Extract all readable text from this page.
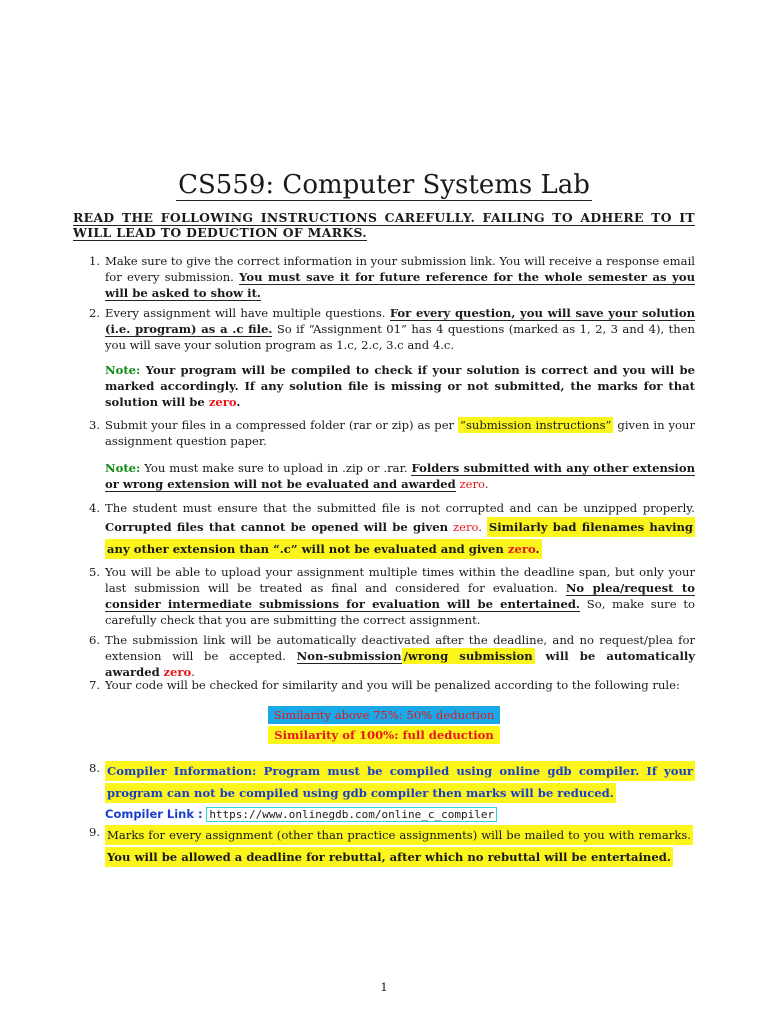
CS559: Computer Systems Lab
READ THE FOLLOWING INSTRUCTIONS CAREFULLY. FAILING TO ADHERE TO IT WILL LEAD TO DEDUCTION OF MARKS.
1. Make sure to give the correct information in your submission link. You will receive a response email for every submission. You must save it for future reference for the whole semester as you will be asked to show it.
2. Every assignment will have multiple questions. For every question, you will save your solution (i.e. program) as a .c file. So if “Assignment 01” has 4 questions (marked as 1, 2, 3 and 4), then you will save your solution program as 1.c, 2.c, 3.c and 4.c.
Note: Your program will be compiled to check if your solution is correct and you will be marked accordingly. If any solution file is missing or not submitted, the marks for that solution will be zero.
3. Submit your files in a compressed folder (rar or zip) as per “submission instructions” given in your assignment question paper.
Note: You must make sure to upload in .zip or .rar. Folders submitted with any other extension or wrong extension will not be evaluated and awarded zero.
4. The student must ensure that the submitted file is not corrupted and can be unzipped properly. Corrupted files that cannot be opened will be given zero. Similarly bad filenames having any other extension than “.c” will not be evaluated and given zero.
5. You will be able to upload your assignment multiple times within the deadline span, but only your last submission will be treated as final and considered for evaluation. No plea/request to consider intermediate submissions for evaluation will be entertained. So, make sure to carefully check that you are submitting the correct assignment.
6. The submission link will be automatically deactivated after the deadline, and no request/plea for extension will be accepted. Non-submission /wrong submission will be automatically awarded zero.
7. Your code will be checked for similarity and you will be penalized according to the following rule:
Similarity above 75%: 50% deduction
Similarity of 100%: full deduction
8. Compiler Information: Program must be compiled using online gdb compiler. If your program can not be compiled using gdb compiler then marks will be reduced.
Compiler Link : https://www.onlinegdb.com/online_c_compiler
9. Marks for every assignment (other than practice assignments) will be mailed to you with remarks. You will be allowed a deadline for rebuttal, after which no rebuttal will be entertained.
1
